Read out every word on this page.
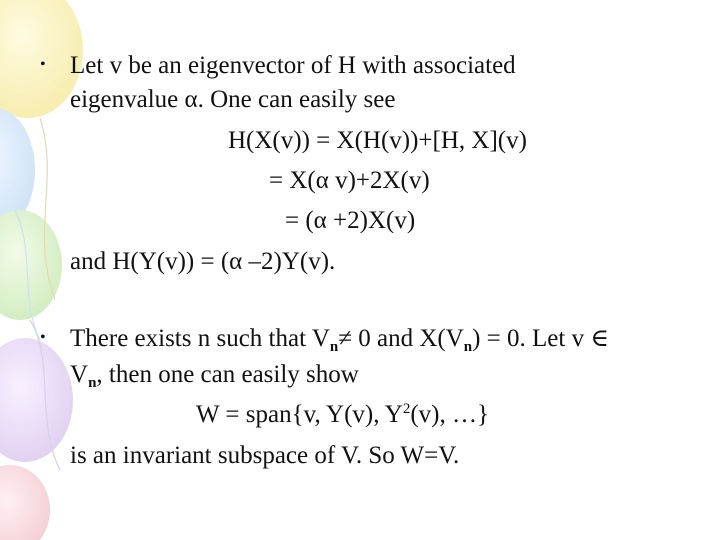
• Let v be an eigenvector of H with associated
eigenvalue α. One can easily see
H(X(v)) = X(H(v))+[H, X](v)
= X(α v)+2X(v)
= (α +2)X(v)
and H(Y(v)) = (α –2)Y(v).
• There exists n such that $V_n\ne 0$ and $X(V_n) = 0$. Let v ∈
$V_n$, then one can easily show
W = span{v, Y(v), $Y^2(v)$, …}
is an invariant subspace of V. So W=V.
